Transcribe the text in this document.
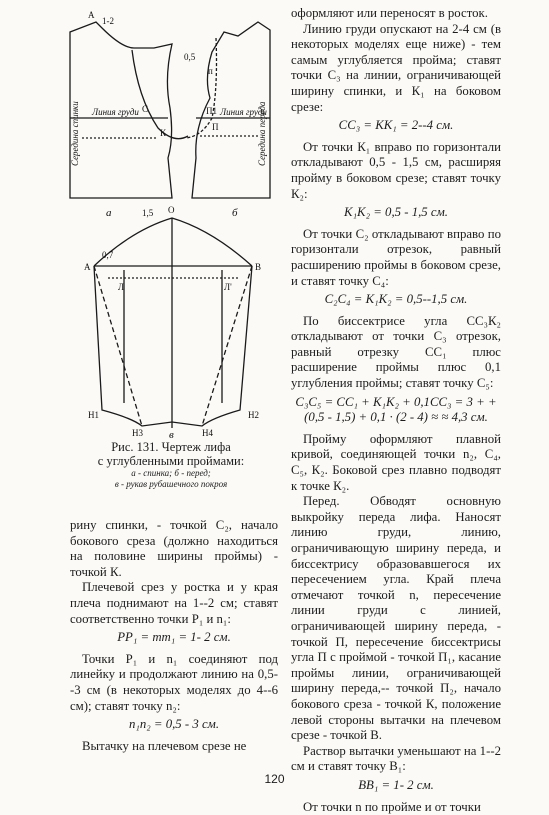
А
1-2
0,5
П
П1
п
К
С
Середина спинки	Середина переда
Линия груди	Линия груди
а	б
О
1,5
0,7
А	В
Л	Л'
Н1	Н2
Н3	Н4
в
Рис. 131. Чертеж лифа
с углубленными проймами:
а - спинка; б - перед;
в - рукав рубашечного покроя

рину спинки, - точкой С₂, начало бокового среза (должно находиться на половине ширины проймы) - точкой К.

Плечевой срез у ростка и у края плеча поднимают на 1--2 см; ставят соответственно точки Р₁ и n₁:

PP₁ = mm₁ = 1- 2 см.

Точки Р₁ и n₁ соединяют под линейку и продолжают линию на 0,5--3 см (в некоторых моделях до 4--6 см); ставят точку n₂:

n₁n₂ = 0,5 - 3 см.

Вытачку на плечевом срезе не

оформляют или переносят в росток.

Линию груди опускают на 2-4 см (в некоторых моделях еще ниже) - тем самым углубляется пройма; ставят точки С₃ на линии, ограничивающей ширину спинки, и К₁ на боковом срезе:

CC₃ = KK₁ = 2--4 см.

От точки К₁ вправо по горизонтали откладывают 0,5 - 1,5 см, расширяя пройму в боковом срезе; ставят точку К₂:

K₁K₂ = 0,5 - 1,5 см.

От точки С₂ откладывают вправо по горизонтали отрезок, равный расширению проймы в боковом срезе, и ставят точку С₄:

C₂C₄ = K₁K₂ = 0,5--1,5 см.

По биссектрисе угла СС₃К₂ откладывают от точки С₃ отрезок, равный отрезку СС₁ плюс расширение проймы плюс 0,1 углубления проймы; ставят точку С₅:

C₃C₅ = CC₁ + K₁K₂ + 0,1CC₃ = 3 + + (0,5 - 1,5) + 0,1 · (2 - 4) ≈ ≈ 4,3 см.

Пройму оформляют плавной кривой, соединяющей точки n₂, С₄, С₅, К₂. Боковой срез плавно подводят к точке К₂.

Перед. Обводят основную выкройку переда лифа. Наносят линию груди, линию, ограничивающую ширину переда, и биссектрису образовавшегося их пересечением угла. Край плеча отмечают точкой n, пересечение линии груди с линией, ограничивающей ширину переда, - точкой П, пересечение биссектрисы угла П с проймой - точкой П₁, касание проймы линии, ограничивающей ширину переда,-- точкой П₂, начало бокового среза - точкой К, положение левой стороны вытачки на плечевом срезе - точкой В.

Раствор вытачки уменьшают на 1--2 см и ставят точку В₁:

BB₁ = 1- 2 см.

От точки n по пройме и от точки

120
